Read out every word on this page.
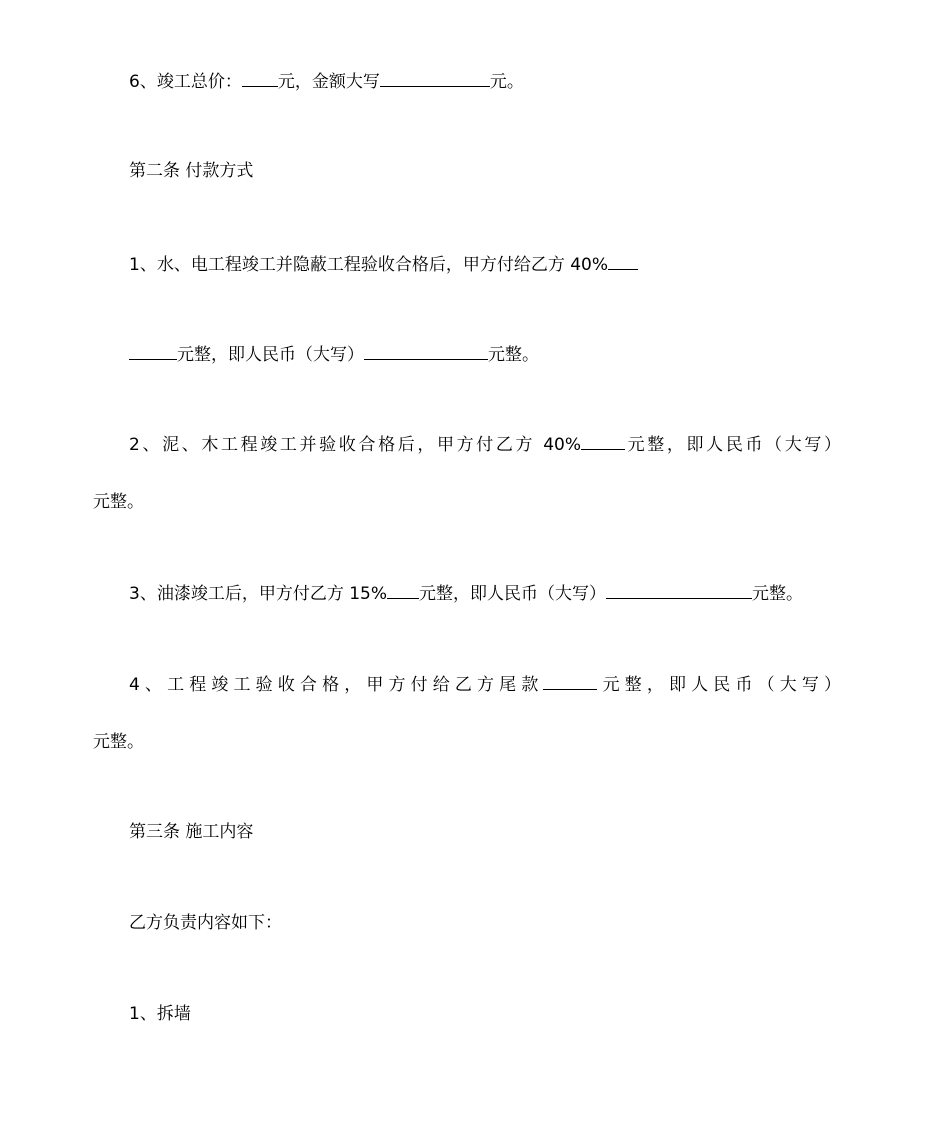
6、竣工总价： 元，金额大写	元。

第二条 付款方式

1、水、电工程竣工并隐蔽工程验收合格后，甲方付给乙方 40%

元整，即人民币（大写）	元整。

2、泥、木工程竣工并验收合格后，甲方付乙方 40%	元整，即人民币（大写）

元整。

3、油漆竣工后，甲方付乙方 15% 元整，即人民币（大写）	元整。

4、工程竣工验收合格，甲方付给乙方尾款	元整，即人民币（大写）

元整。

第三条 施工内容

乙方负责内容如下：

1、拆墙
